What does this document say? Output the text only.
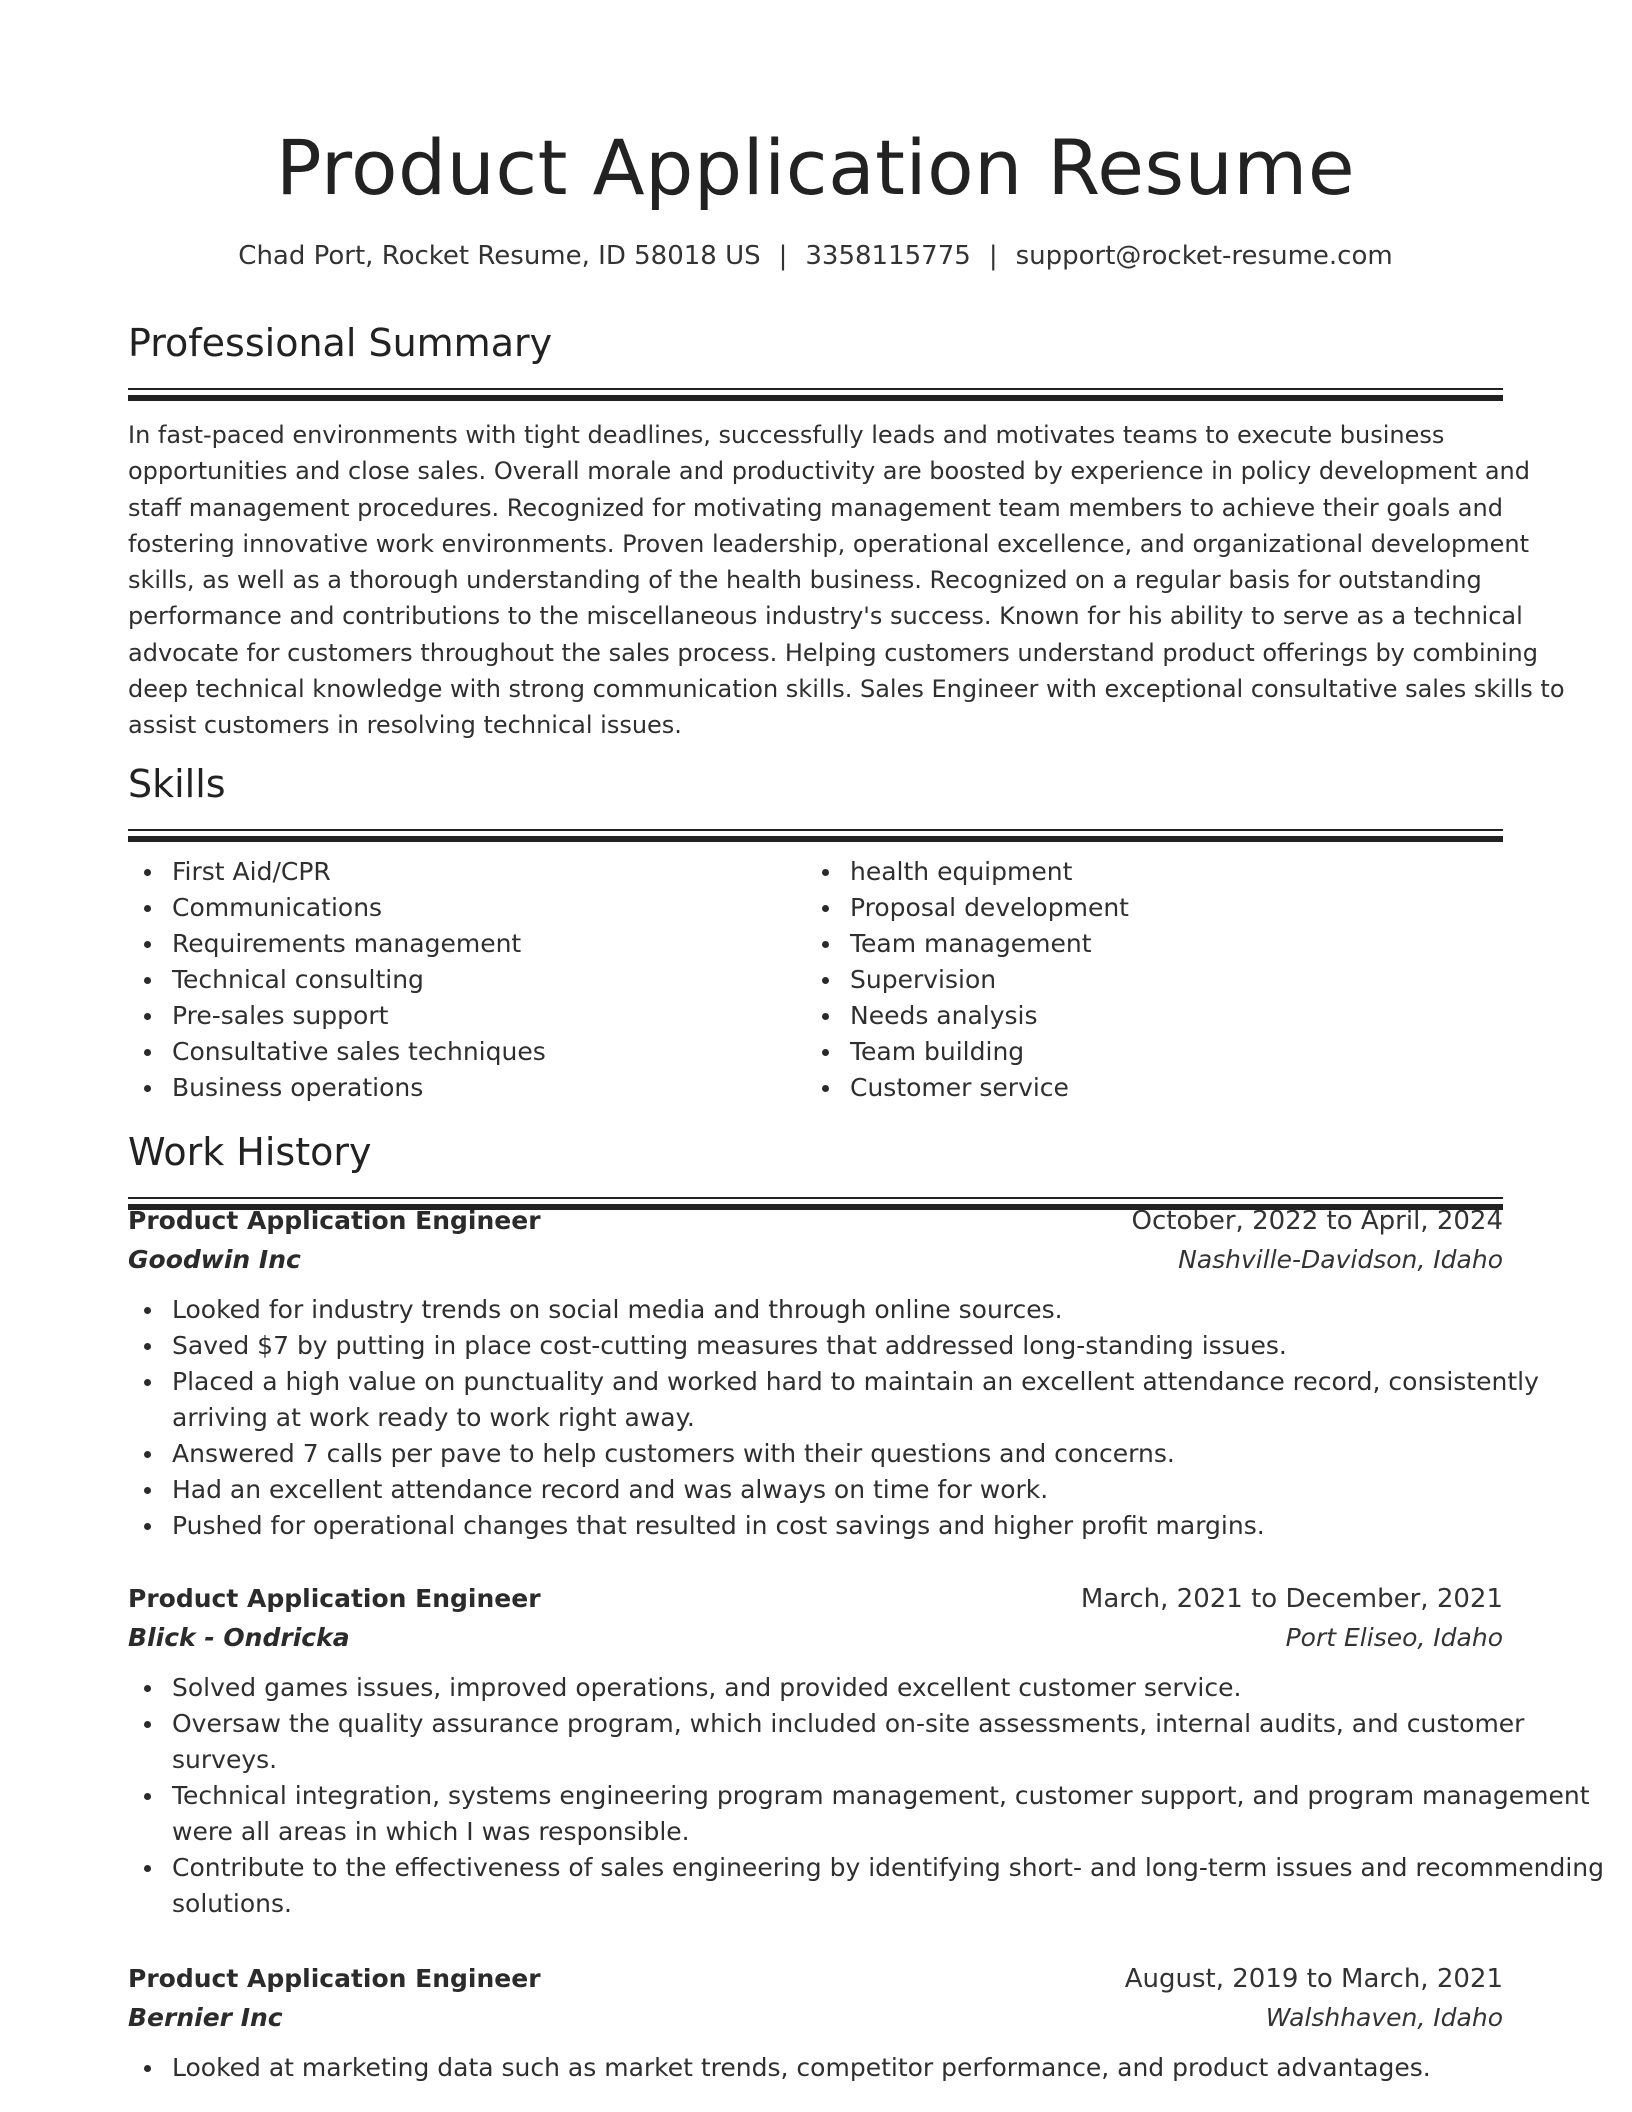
Product Application Resume
Chad Port, Rocket Resume, ID 58018 US | 3358115775 | support@rocket-resume.com
Professional Summary
In fast-paced environments with tight deadlines, successfully leads and motivates teams to execute business
opportunities and close sales. Overall morale and productivity are boosted by experience in policy development and
staff management procedures. Recognized for motivating management team members to achieve their goals and
fostering innovative work environments. Proven leadership, operational excellence, and organizational development
skills, as well as a thorough understanding of the health business. Recognized on a regular basis for outstanding
performance and contributions to the miscellaneous industry's success. Known for his ability to serve as a technical
advocate for customers throughout the sales process. Helping customers understand product offerings by combining
deep technical knowledge with strong communication skills. Sales Engineer with exceptional consultative sales skills to
assist customers in resolving technical issues.
Skills
First Aid/CPR
Communications
Requirements management
Technical consulting
Pre-sales support
Consultative sales techniques
Business operations
health equipment
Proposal development
Team management
Supervision
Needs analysis
Team building
Customer service
Work History
Product Application Engineer	October, 2022 to April, 2024
Goodwin Inc	Nashville-Davidson, Idaho
Looked for industry trends on social media and through online sources.
Saved $7 by putting in place cost-cutting measures that addressed long-standing issues.
Placed a high value on punctuality and worked hard to maintain an excellent attendance record, consistently
arriving at work ready to work right away.
Answered 7 calls per pave to help customers with their questions and concerns.
Had an excellent attendance record and was always on time for work.
Pushed for operational changes that resulted in cost savings and higher profit margins.
Product Application Engineer	March, 2021 to December, 2021
Blick - Ondricka	Port Eliseo, Idaho
Solved games issues, improved operations, and provided excellent customer service.
Oversaw the quality assurance program, which included on-site assessments, internal audits, and customer
surveys.
Technical integration, systems engineering program management, customer support, and program management
were all areas in which I was responsible.
Contribute to the effectiveness of sales engineering by identifying short- and long-term issues and recommending
solutions.
Product Application Engineer	August, 2019 to March, 2021
Bernier Inc	Walshhaven, Idaho
Looked at marketing data such as market trends, competitor performance, and product advantages.
